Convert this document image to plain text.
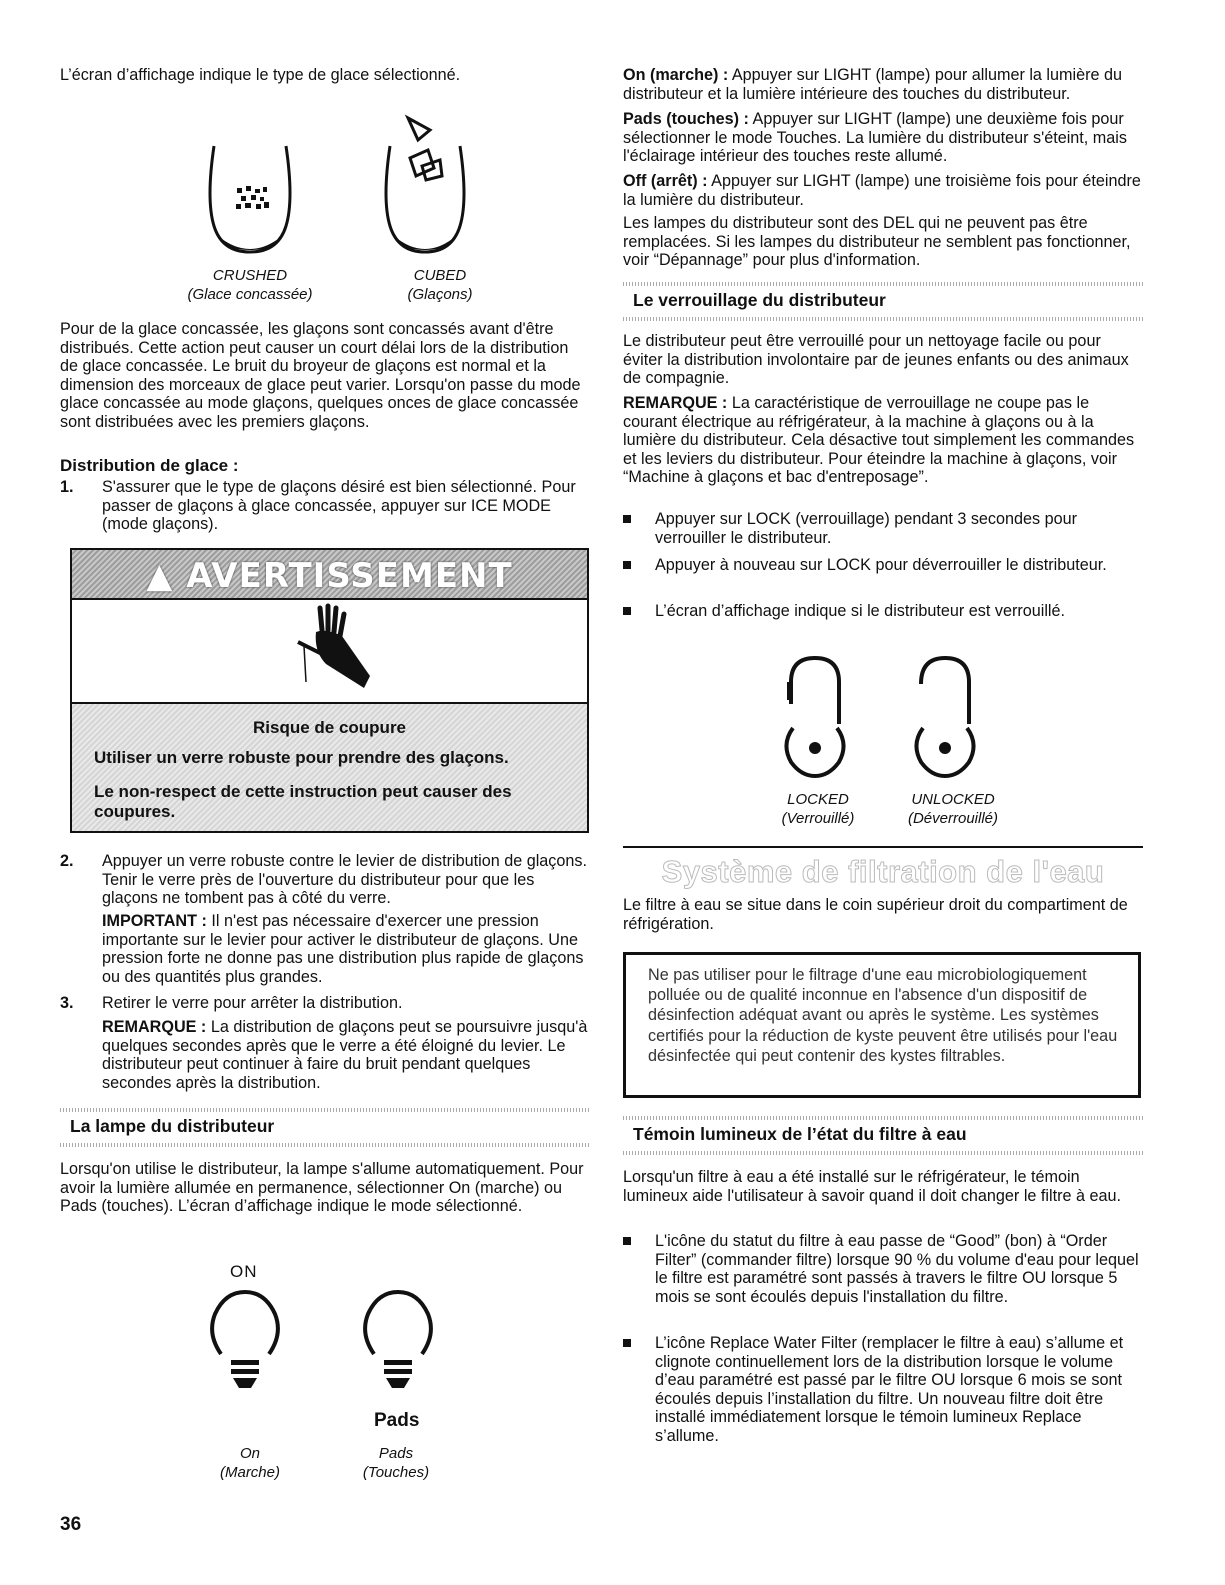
L’écran d’affichage indique le type de glace sélectionné.

CRUSHED
(Glace concassée)
CUBED
(Glaçons)

Pour de la glace concassée, les glaçons sont concassés avant d'être distribués. Cette action peut causer un court délai lors de la distribution de glace concassée. Le bruit du broyeur de glaçons est normal et la dimension des morceaux de glace peut varier. Lorsqu'on passe du mode glace concassée au mode glaçons, quelques onces de glace concassée sont distribuées avec les premiers glaçons.

Distribution de glace :

1. S'assurer que le type de glaçons désiré est bien sélectionné. Pour passer de glaçons à glace concassée, appuyer sur ICE MODE (mode glaçons).
▲ AVERTISSEMENT
Risque de coupure
Utiliser un verre robuste pour prendre des glaçons.
Le non-respect de cette instruction peut causer des coupures.
2. Appuyer un verre robuste contre le levier de distribution de glaçons. Tenir le verre près de l'ouverture du distributeur pour que les glaçons ne tombent pas à côté du verre.
IMPORTANT : Il n'est pas nécessaire d'exercer une pression importante sur le levier pour activer le distributeur de glaçons. Une pression forte ne donne pas une distribution plus rapide de glaçons ou des quantités plus grandes.
3. Retirer le verre pour arrêter la distribution.
REMARQUE : La distribution de glaçons peut se poursuivre jusqu'à quelques secondes après que le verre a été éloigné du levier. Le distributeur peut continuer à faire du bruit pendant quelques secondes après la distribution.
La lampe du distributeur

Lorsqu'on utilise le distributeur, la lampe s'allume automatiquement. Pour avoir la lumière allumée en permanence, sélectionner On (marche) ou Pads (touches). L’écran d’affichage indique le mode sélectionné.

ON
Pads
On
(Marche)
Pads
(Touches)
36
On (marche) : Appuyer sur LIGHT (lampe) pour allumer la lumière du distributeur et la lumière intérieure des touches du distributeur.
Pads (touches) : Appuyer sur LIGHT (lampe) une deuxième fois pour sélectionner le mode Touches. La lumière du distributeur s'éteint, mais l'éclairage intérieur des touches reste allumé.
Off (arrêt) : Appuyer sur LIGHT (lampe) une troisième fois pour éteindre la lumière du distributeur.

Les lampes du distributeur sont des DEL qui ne peuvent pas être remplacées. Si les lampes du distributeur ne semblent pas fonctionner, voir “Dépannage” pour plus d'information.

Le verrouillage du distributeur

Le distributeur peut être verrouillé pour un nettoyage facile ou pour éviter la distribution involontaire par de jeunes enfants ou des animaux de compagnie.

REMARQUE : La caractéristique de verrouillage ne coupe pas le courant électrique au réfrigérateur, à la machine à glaçons ou à la lumière du distributeur. Cela désactive tout simplement les commandes et les leviers du distributeur. Pour éteindre la machine à glaçons, voir “Machine à glaçons et bac d'entreposage”.
Appuyer sur LOCK (verrouillage) pendant 3 secondes pour verrouiller le distributeur.
Appuyer à nouveau sur LOCK pour déverrouiller le distributeur.
L’écran d’affichage indique si le distributeur est verrouillé.
LOCKED
(Verrouillé)
UNLOCKED
(Déverrouillé)
Système de filtration de l'eau

Le filtre à eau se situe dans le coin supérieur droit du compartiment de réfrigération.

Ne pas utiliser pour le filtrage d'une eau microbiologiquement polluée ou de qualité inconnue en l'absence d'un dispositif de désinfection adéquat avant ou après le système. Les systèmes certifiés pour la réduction de kyste peuvent être utilisés pour l'eau désinfectée qui peut contenir des kystes filtrables.
Témoin lumineux de l’état du filtre à eau

Lorsqu'un filtre à eau a été installé sur le réfrigérateur, le témoin lumineux aide l'utilisateur à savoir quand il doit changer le filtre à eau.

L'icône du statut du filtre à eau passe de “Good” (bon) à “Order Filter” (commander filtre) lorsque 90 % du volume d'eau pour lequel le filtre est paramétré sont passés à travers le filtre OU lorsque 5 mois se sont écoulés depuis l'installation du filtre.
L’icône Replace Water Filter (remplacer le filtre à eau) s’allume et clignote continuellement lors de la distribution lorsque le volume d’eau paramétré est passé par le filtre OU lorsque 6 mois se sont écoulés depuis l’installation du filtre. Un nouveau filtre doit être installé immédiatement lorsque le témoin lumineux Replace s’allume.
